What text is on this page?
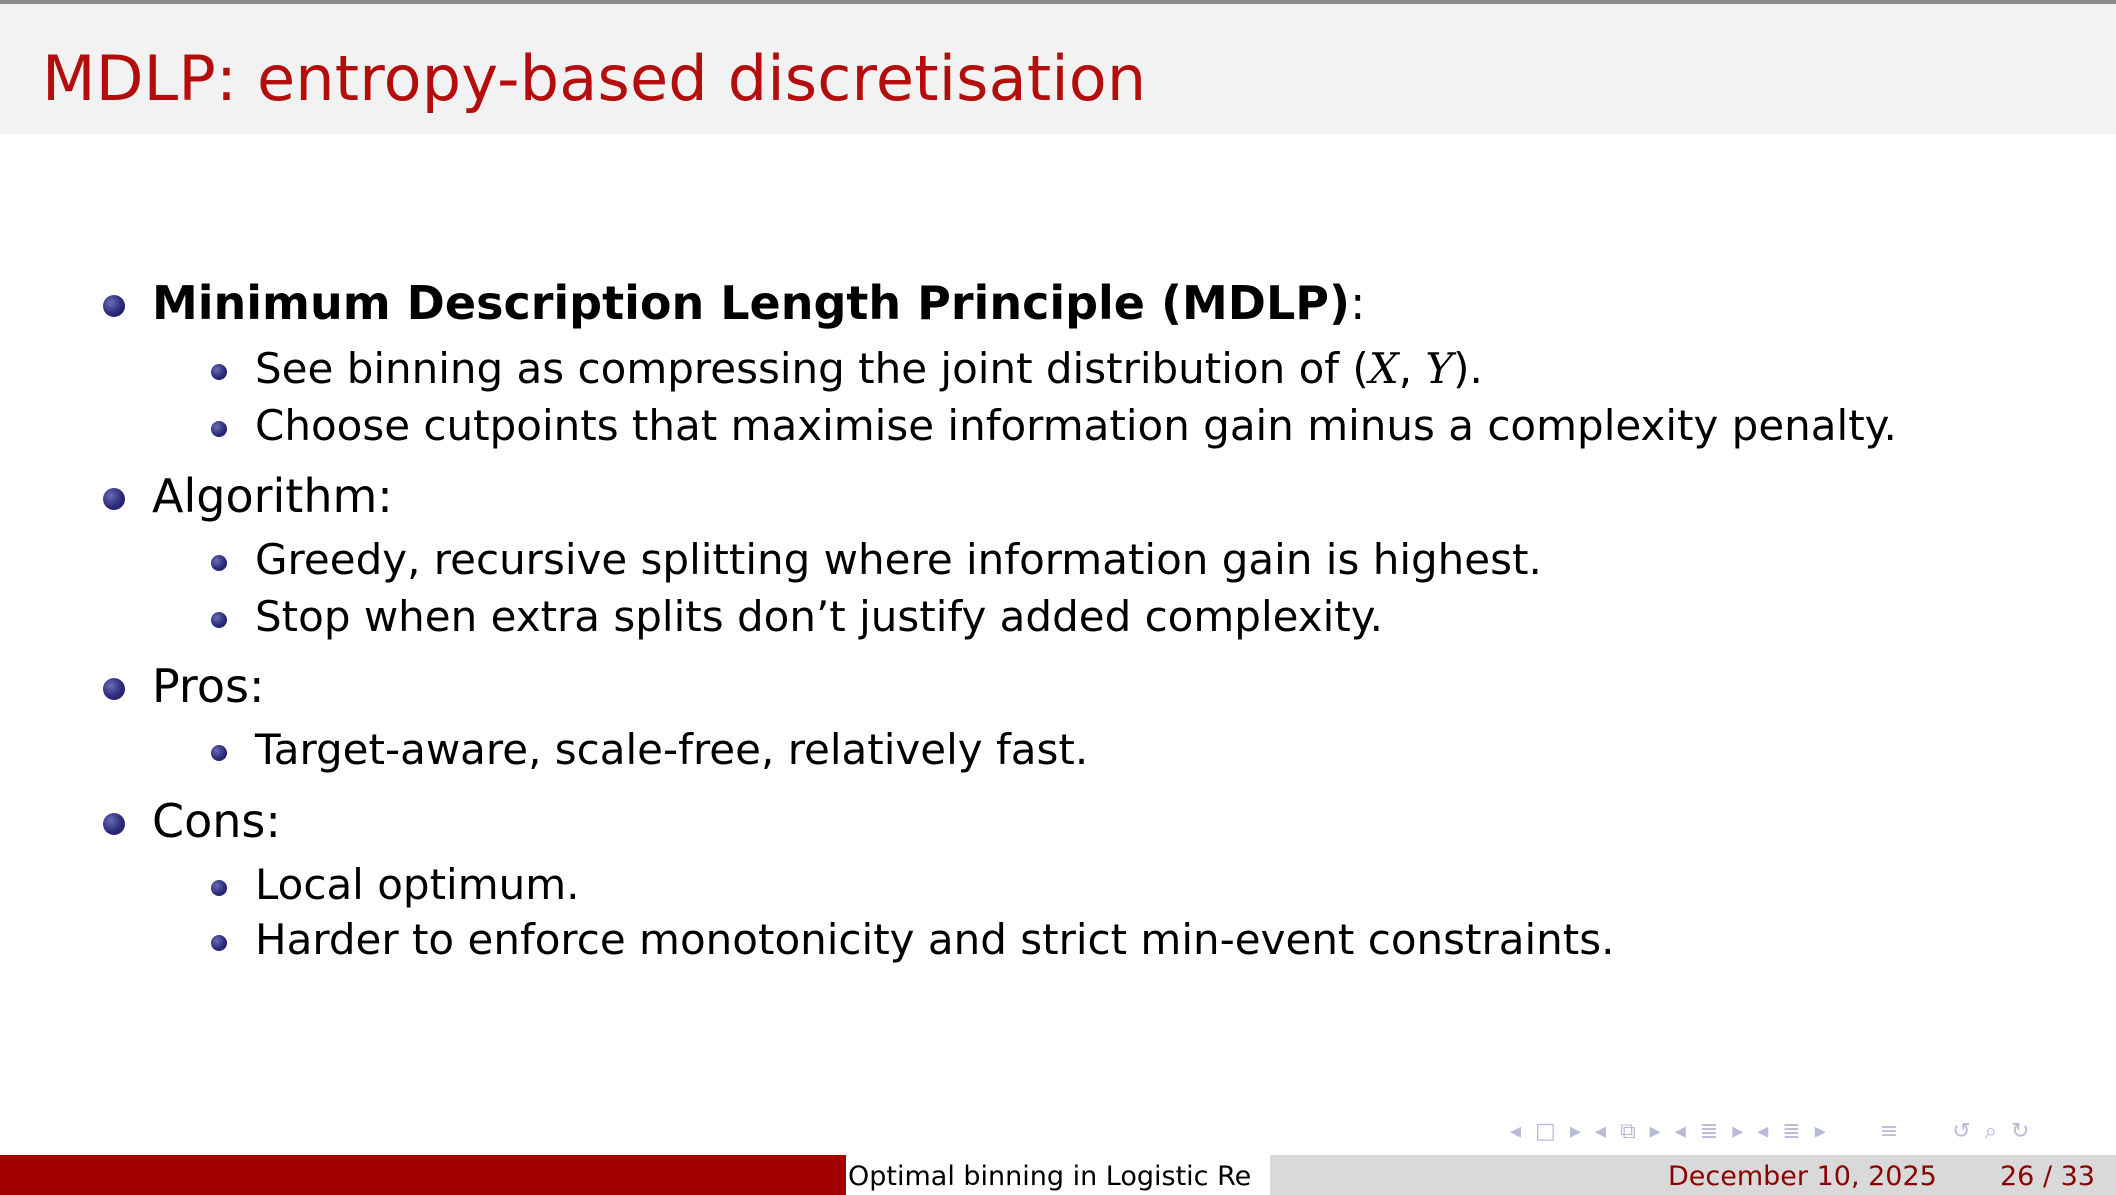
MDLP: entropy-based discretisation
Minimum Description Length Principle (MDLP):
See binning as compressing the joint distribution of (X, Y).
Choose cutpoints that maximise information gain minus a complexity penalty.
Algorithm:
Greedy, recursive splitting where information gain is highest.
Stop when extra splits don’t justify added complexity.
Pros:
Target-aware, scale-free, relatively fast.
Cons:
Local optimum.
Harder to enforce monotonicity and strict min-event constraints.
◂ □ ▸ ◂ ⧉ ▸ ◂ ≣ ▸ ◂ ≣ ▸ ≡ ↺ ⌕ ↻
Optimal binning in Logistic Re	December 10, 2025 26 / 33
